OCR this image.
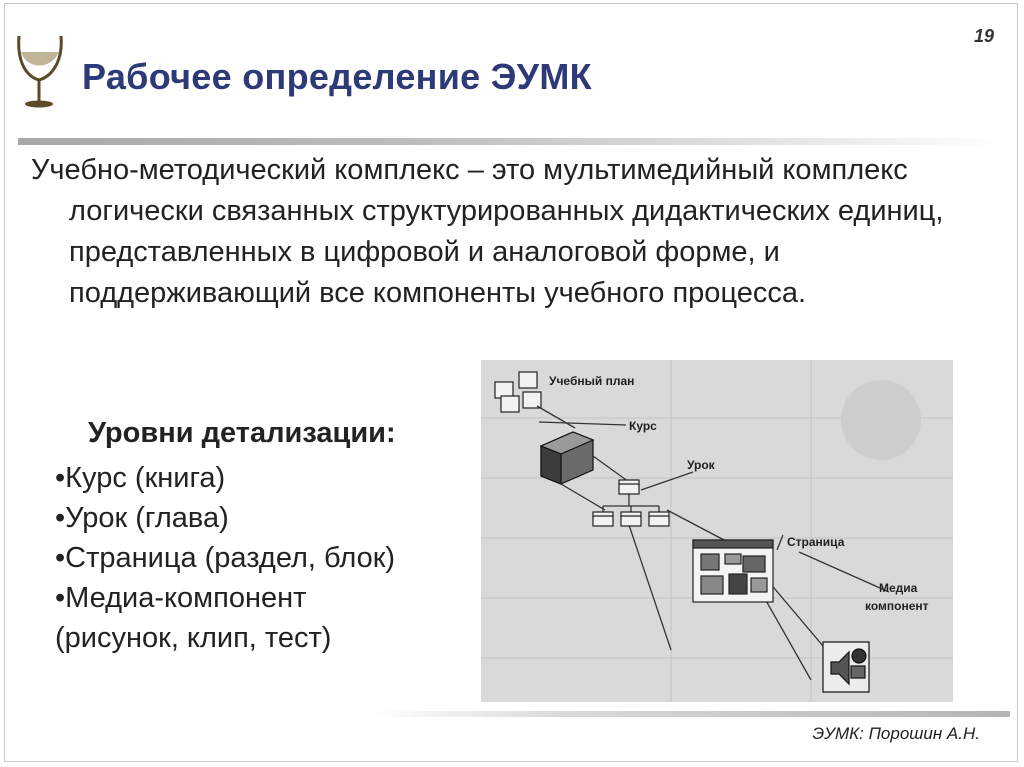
19
Рабочее определение ЭУМК
Учебно-методический комплекс – это мультимедийный комплекс логически связанных структурированных дидактических единиц, представленных в цифровой и аналоговой форме, и поддерживающий все компоненты учебного процесса.
Уровни детализации:
•Курс (книга)
•Урок (глава)
•Страница (раздел, блок)
•Медиа-компонент
(рисунок, клип, тест)
Учебный план
Курс
Урок
Страница
Медиа
компонент
ЭУМК: Порошин А.Н.
